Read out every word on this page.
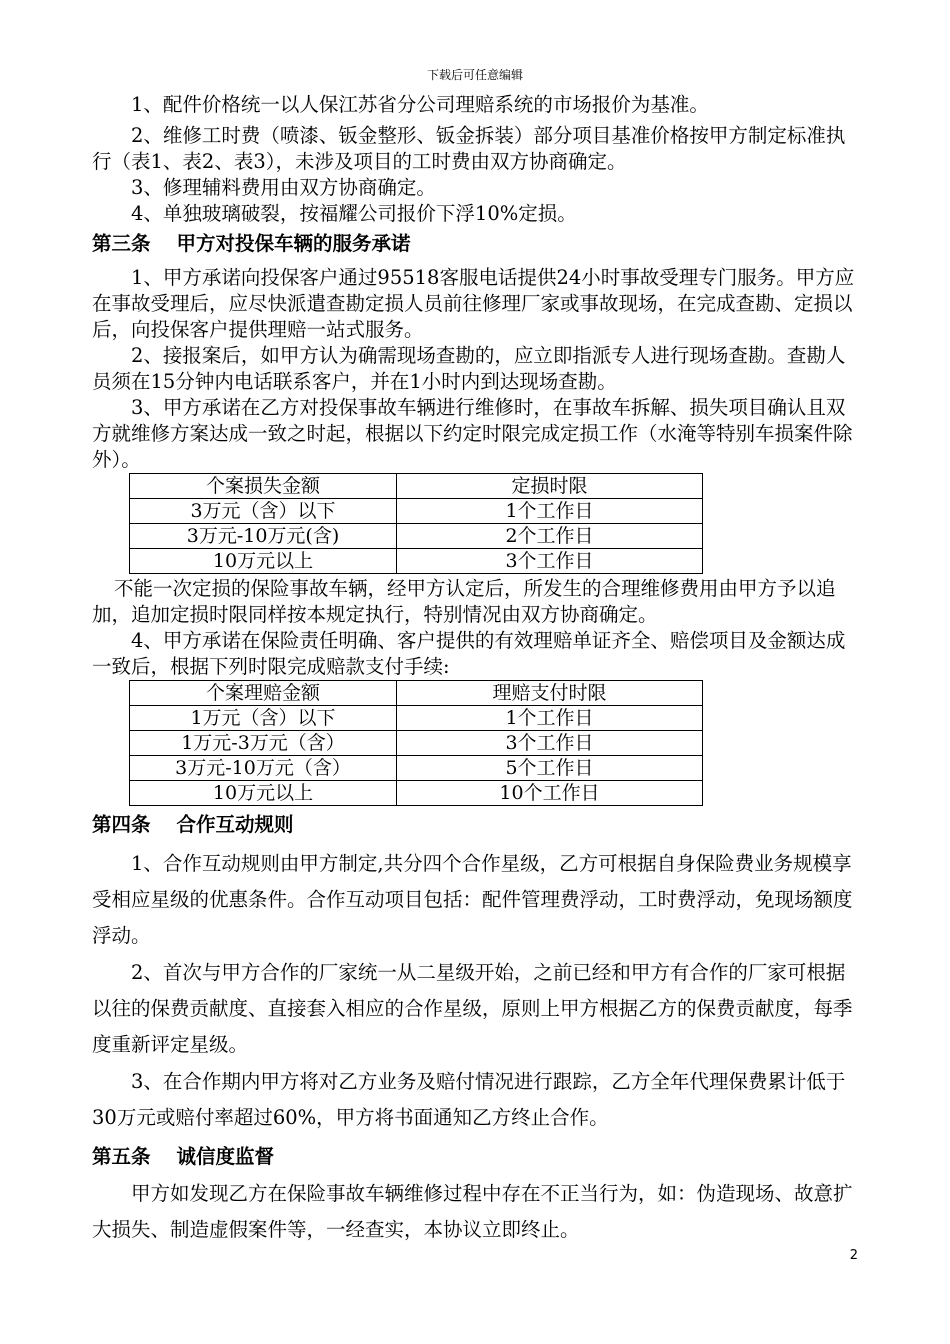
下载后可任意编辑

1、配件价格统一以人保江苏省分公司理赔系统的市场报价为基准。

2、维修工时费（喷漆、钣金整形、钣金拆装）部分项目基准价格按甲方制定标准执行（表1、表2、表3），未涉及项目的工时费由双方协商确定。

3、修理辅料费用由双方协商确定。

4、单独玻璃破裂，按福耀公司报价下浮10%定损。

第三条 甲方对投保车辆的服务承诺

1、甲方承诺向投保客户通过95518客服电话提供24小时事故受理专门服务。甲方应在事故受理后，应尽快派遣查勘定损人员前往修理厂家或事故现场，在完成查勘、定损以后，向投保客户提供理赔一站式服务。

2、接报案后，如甲方认为确需现场查勘的，应立即指派专人进行现场查勘。查勘人员须在15分钟内电话联系客户，并在1小时内到达现场查勘。

3、甲方承诺在乙方对投保事故车辆进行维修时，在事故车拆解、损失项目确认且双方就维修方案达成一致之时起，根据以下约定时限完成定损工作（水淹等特别车损案件除外）。

个案损失金额	定损时限
3万元（含）以下	1个工作日
3万元-10万元(含)	2个工作日
10万元以上	3个工作日

不能一次定损的保险事故车辆，经甲方认定后，所发生的合理维修费用由甲方予以追加，追加定损时限同样按本规定执行，特别情况由双方协商确定。

4、甲方承诺在保险责任明确、客户提供的有效理赔单证齐全、赔偿项目及金额达成一致后，根据下列时限完成赔款支付手续:

个案理赔金额	理赔支付时限
1万元（含）以下	1个工作日
1万元-3万元（含）	3个工作日
3万元-10万元（含）	5个工作日
10万元以上	10个工作日
第四条 合作互动规则

1、合作互动规则由甲方制定,共分四个合作星级，乙方可根据自身保险费业务规模享受相应星级的优惠条件。合作互动项目包括：配件管理费浮动，工时费浮动，免现场额度浮动。

2、首次与甲方合作的厂家统一从二星级开始，之前已经和甲方有合作的厂家可根据以往的保费贡献度、直接套入相应的合作星级，原则上甲方根据乙方的保费贡献度，每季度重新评定星级。

3、在合作期内甲方将对乙方业务及赔付情况进行跟踪，乙方全年代理保费累计低于30万元或赔付率超过60%，甲方将书面通知乙方终止合作。

第五条 诚信度监督

甲方如发现乙方在保险事故车辆维修过程中存在不正当行为，如：伪造现场、故意扩大损失、制造虚假案件等，一经查实，本协议立即终止。

2
